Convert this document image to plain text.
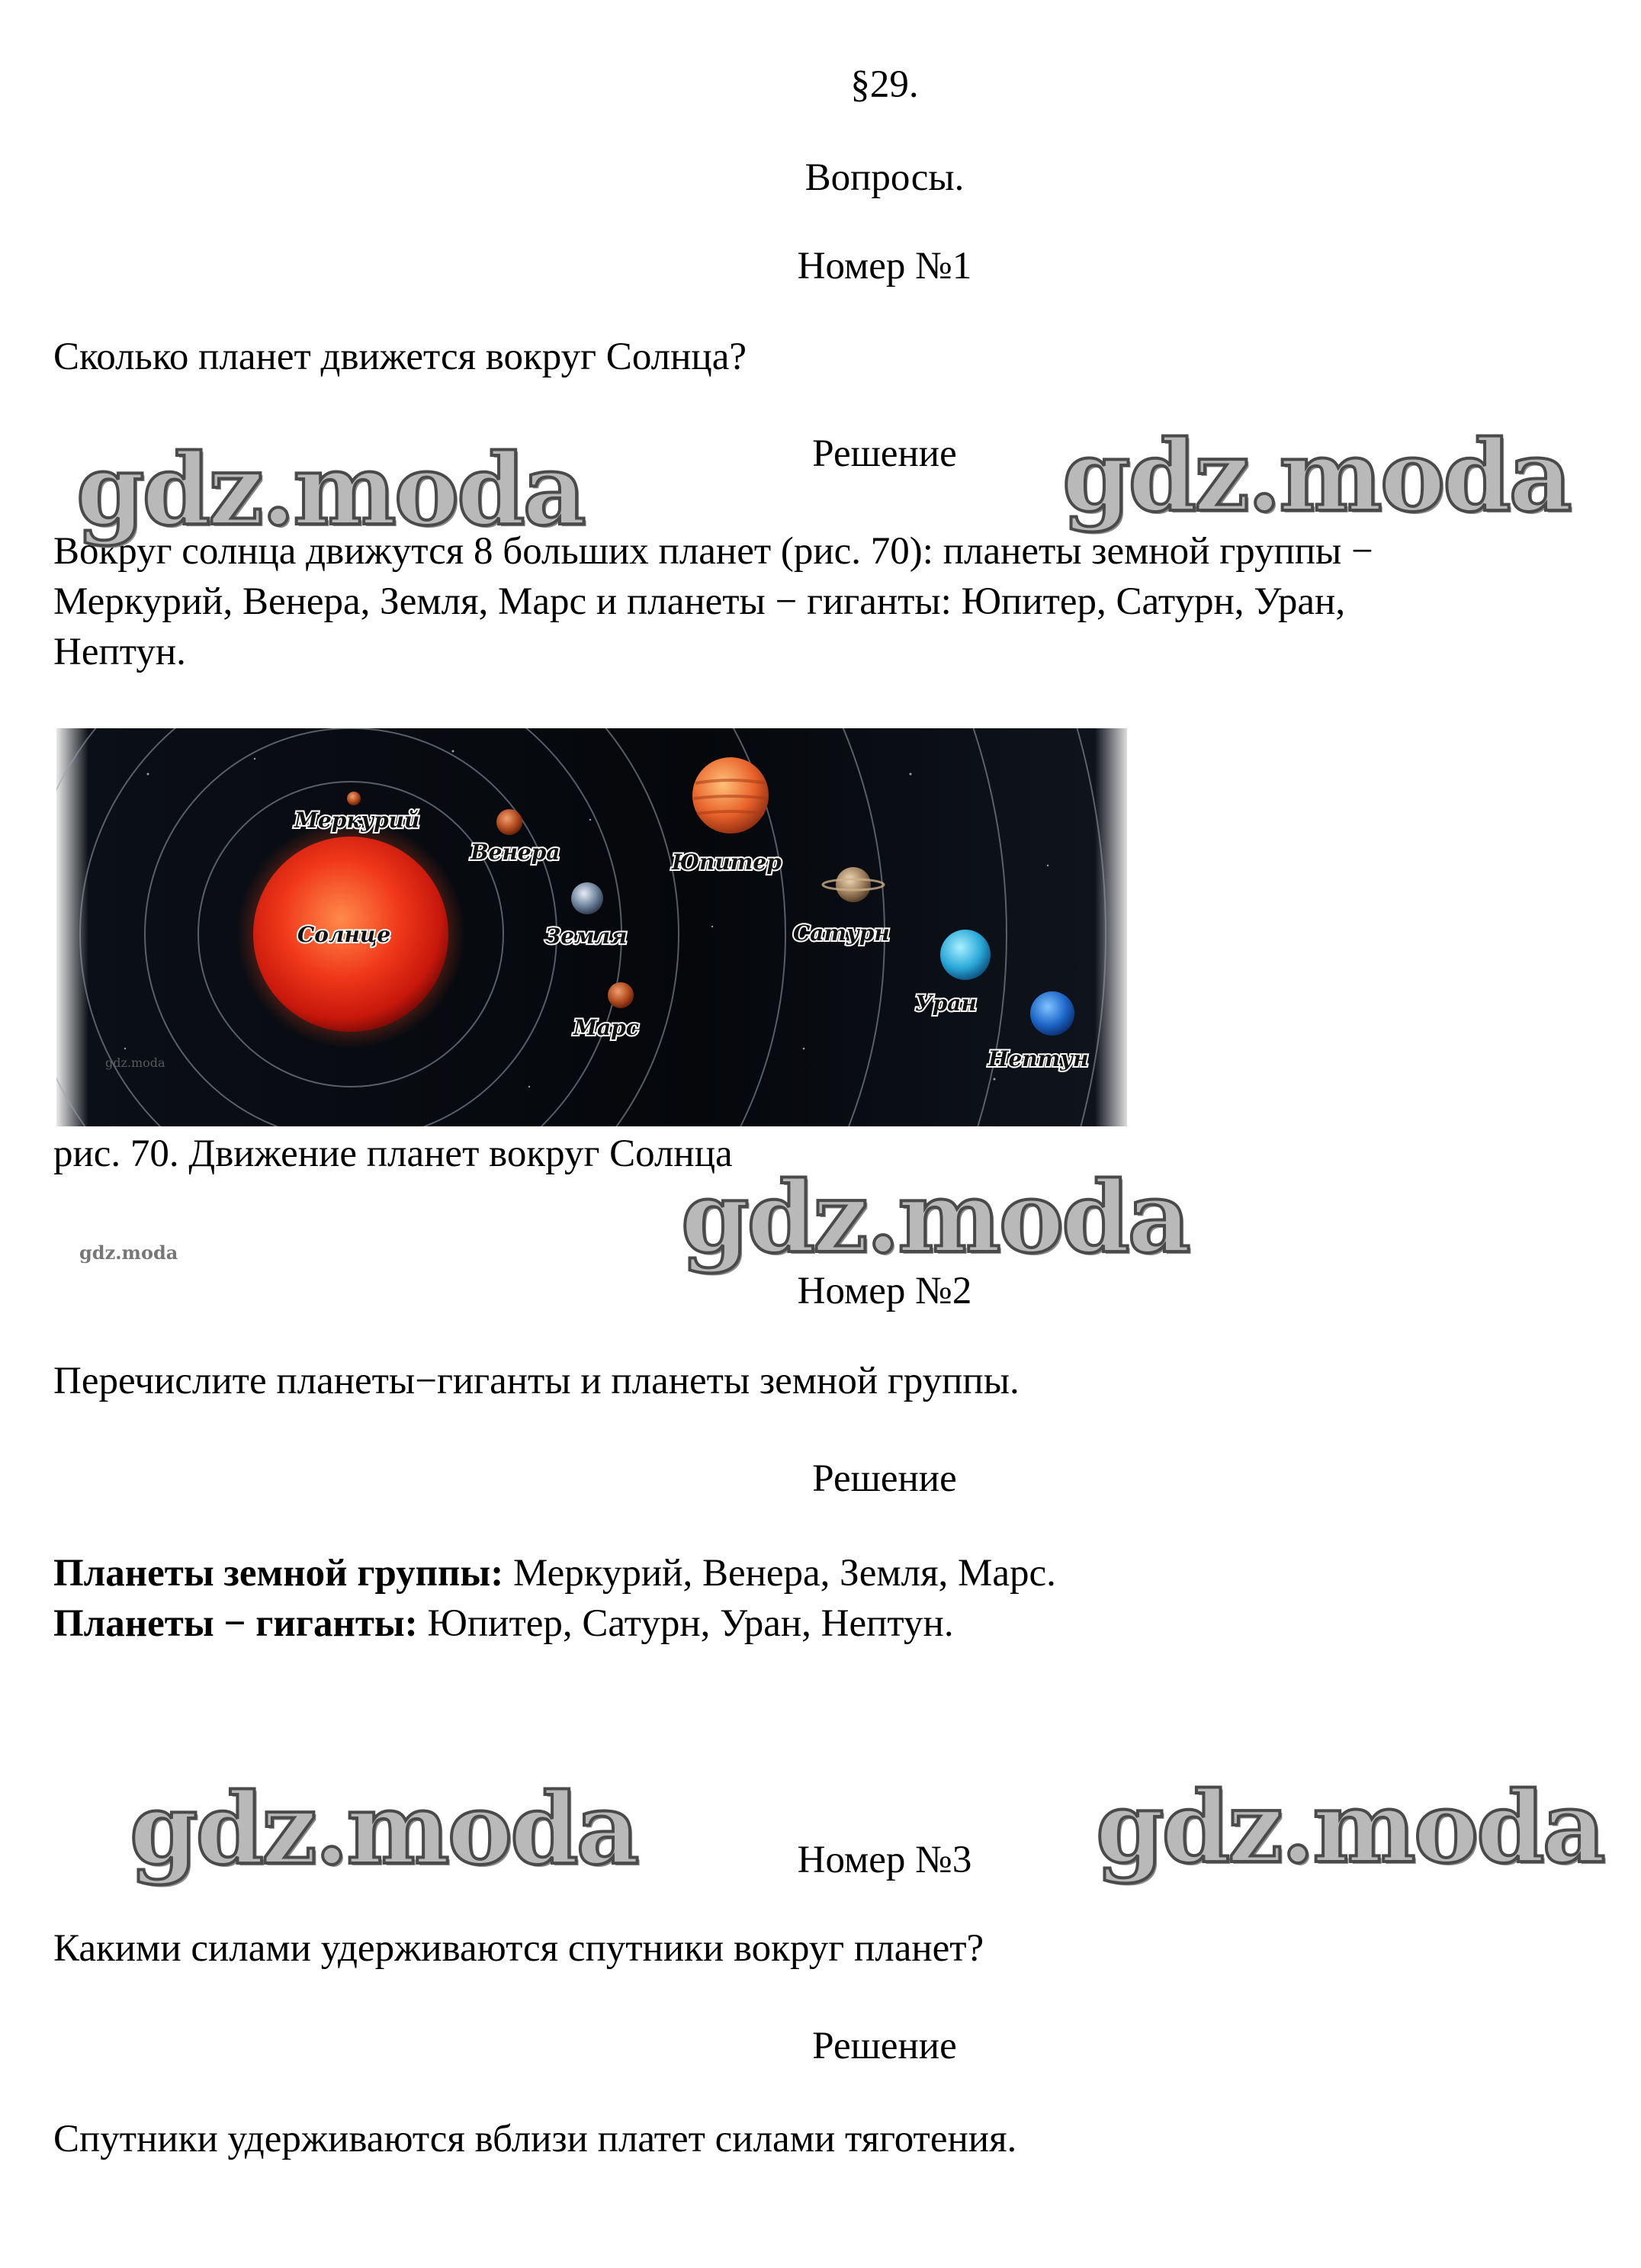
§29.

Вопросы.

Номер №1

Сколько планет движется вокруг Солнца?

Решение

Вокруг солнца движутся 8 больших планет (рис. 70): планеты земной группы −

Меркурий, Венера, Земля, Марс и планеты − гиганты: Юпитер, Сатурн, Уран,

Нептун.

Меркурий
Венера
Солнце	Земля
Марс
Юпитер
Сатурн
Уран
Нептун
gdz.moda

рис. 70. Движение планет вокруг Солнца

Номер №2

Перечислите планеты−гиганты и планеты земной группы.

Решение

Планеты земной группы: Меркурий, Венера, Земля, Марс.

Планеты − гиганты: Юпитер, Сатурн, Уран, Нептун.

Номер №3

Какими силами удерживаются спутники вокруг планет?

Решение

Спутники удерживаются вблизи платет силами тяготения.

gdz.moda	gdz.moda
gdz.moda
gdz.moda
gdz.moda	gdz.moda
